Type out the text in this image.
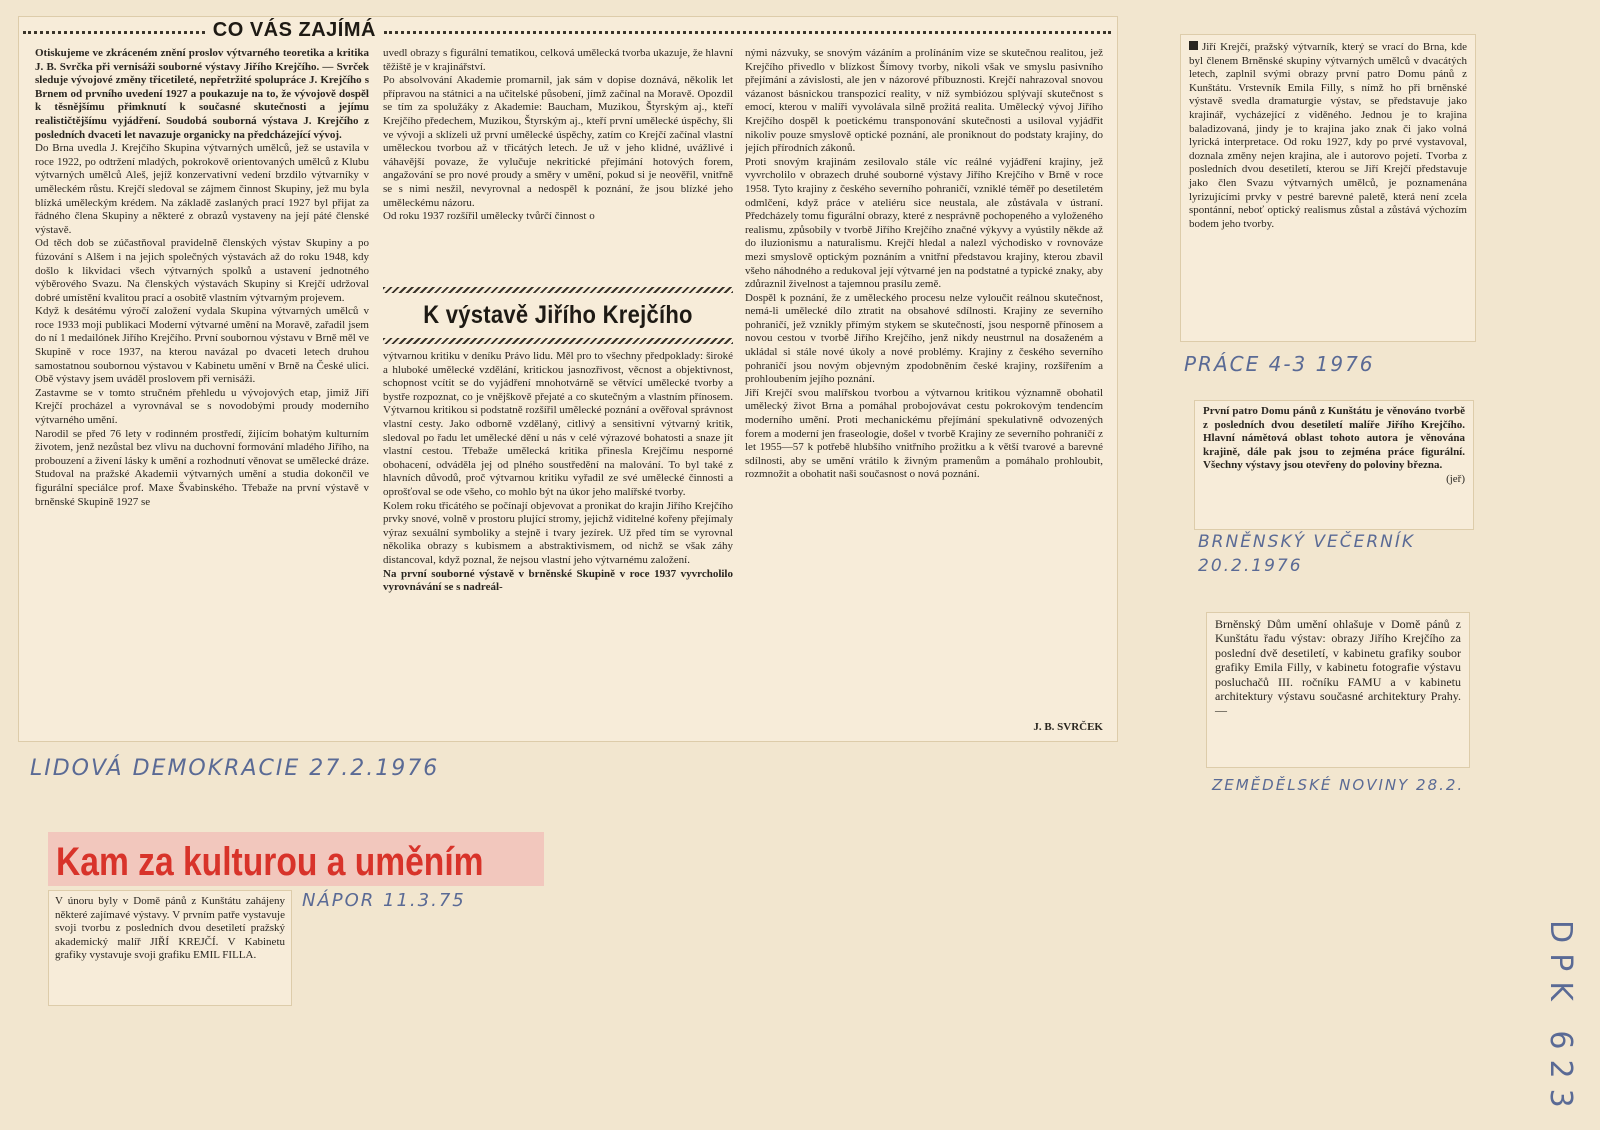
CO VÁS ZAJÍMÁ

Otiskujeme ve zkráceném znění proslov výtvarného teoretika a kritika J. B. Svrčka při vernisáži souborné výstavy Jiřího Krejčího. — Svrček sleduje vývojové změny třicetileté, nepřetržité spolupráce J. Krejčího s Brnem od prvního uvedení 1927 a poukazuje na to, že vývojově dospěl k těsnějšímu přimknutí k současné skutečnosti a jejímu realističtějšímu vyjádření. Soudobá souborná výstava J. Krejčího z posledních dvaceti let navazuje organicky na předcházející vývoj.

Do Brna uvedla J. Krejčího Skupina výtvarných umělců, jež se ustavila v roce 1922, po odtržení mladých, pokrokově orientovaných umělců z Klubu výtvarných umělců Aleš, jejíž konzervativní vedení brzdilo výtvarníky v uměleckém růstu. Krejčí sledoval se zájmem činnost Skupiny, jež mu byla blízká uměleckým krédem. Na základě zaslaných prací 1927 byl přijat za řádného člena Skupiny a některé z obrazů vystaveny na její páté členské výstavě.

Od těch dob se zúčastňoval pravidelně členských výstav Skupiny a po fúzování s Alšem i na jejich společných výstavách až do roku 1948, kdy došlo k likvidaci všech výtvarných spolků a ustavení jednotného výběrového Svazu. Na členských výstavách Skupiny si Krejčí udržoval dobré umístění kvalitou prací a osobitě vlastním výtvarným projevem.

Když k desátému výročí založení vydala Skupina výtvarných umělců v roce 1933 moji publikaci Moderní výtvarné umění na Moravě, zařadil jsem do ní 1 medailónek Jiřího Krejčího. První soubornou výstavu v Brně měl ve Skupině v roce 1937, na kterou navázal po dvaceti letech druhou samostatnou soubornou výstavou v Kabinetu umění v Brně na České ulici. Obě výstavy jsem uváděl proslovem při vernisáži.

Zastavme se v tomto stručném přehledu u vývojových etap, jimiž Jiří Krejčí procházel a vyrovnával se s novodobými proudy moderního výtvarného umění.

Narodil se před 76 lety v rodinném prostředí, žijícím bohatým kulturním životem, jenž nezůstal bez vlivu na duchovní formování mladého Jiřího, na probouzení a živení lásky k umění a rozhodnutí věnovat se umělecké dráze. Studoval na pražské Akademii výtvarných umění a studia dokončil ve figurální speciálce prof. Maxe Švabinského. Třebaže na první výstavě v brněnské Skupině 1927 se

uvedl obrazy s figurální tematikou, celková umělecká tvorba ukazuje, že hlavní těžiště je v krajinářství.

Po absolvování Akademie promarnil, jak sám v dopise doznává, několik let přípravou na státnici a na učitelské působení, jímž začínal na Moravě. Opozdil se tím za spolužáky z Akademie: Baucham, Muzikou, Štyrským aj., kteří Krejčího předechem, Muzikou, Štyrským aj., kteří první umělecké úspěchy, šli ve vývoji a sklízeli už první umělecké úspěchy, zatím co Krejčí začínal vlastní uměleckou tvorbou až v třicátých letech. Je už v jeho klidné, uvážlivé i váhavější povaze, že vylučuje nekritické přejímání hotových forem, angažování se pro nové proudy a směry v umění, pokud si je neověřil, vnitřně se s nimi nesžil, nevyrovnal a nedospěl k poznání, že jsou blízké jeho uměleckému názoru.

Od roku 1937 rozšířil umělecky tvůrčí činnost o

K výstavě Jiřího Krejčího

výtvarnou kritiku v deníku Právo lidu. Měl pro to všechny předpoklady: široké a hluboké umělecké vzdělání, kritickou jasnozřivost, věcnost a objektivnost, schopnost vcítit se do vyjádření mnohotvárně se větvící umělecké tvorby a bystře rozpoznat, co je vnějškově přejaté a co skutečným a vlastním přínosem. Výtvarnou kritikou si podstatně rozšířil umělecké poznání a ověřoval správnost vlastní cesty. Jako odborně vzdělaný, citlivý a sensitivní výtvarný kritik, sledoval po řadu let umělecké dění u nás v celé výrazové bohatosti a snaze jít vlastní cestou. Třebaže umělecká kritika přinesla Krejčímu nesporné obohacení, odváděla jej od plného soustředění na malování. To byl také z hlavních důvodů, proč výtvarnou kritiku vyřadil ze své umělecké činnosti a oprošťoval se ode všeho, co mohlo být na úkor jeho malířské tvorby.

Kolem roku třicátého se počínají objevovat a pronikat do krajin Jiřího Krejčího prvky snové, volně v prostoru plující stromy, jejichž viditelné kořeny přejímaly výraz sexuální symboliky a stejně i tvary jezírek. Už před tím se vyrovnal několika obrazy s kubismem a abstraktivismem, od nichž se však záhy distancoval, když poznal, že nejsou vlastní jeho výtvarnému založení.

Na první souborné výstavě v brněnské Skupině v roce 1937 vyvrcholilo vyrovnávání se s nadreál-

nými názvuky, se snovým vázáním a prolínáním vize se skutečnou realitou, jež Krejčího přivedlo v blízkost Šímovy tvorby, nikoli však ve smyslu pasivního přejímání a závislosti, ale jen v názorové příbuznosti. Krejčí nahrazoval snovou vázanost básnickou transpozicí reality, v níž symbiózou splývají skutečnost s emocí, kterou v malíři vyvolávala silně prožitá realita. Umělecký vývoj Jiřího Krejčího dospěl k poetickému transponování skutečnosti a usiloval vyjádřit nikoliv pouze smyslově optické poznání, ale proniknout do podstaty krajiny, do jejích přírodních zákonů.

Proti snovým krajinám zesilovalo stále víc reálné vyjádření krajiny, jež vyvrcholilo v obrazech druhé souborné výstavy Jiřího Krejčího v Brně v roce 1958. Tyto krajiny z českého severního pohraničí, vzniklé téměř po desetiletém odmlčení, když práce v ateliéru sice neustala, ale zůstávala v ústraní. Předcházely tomu figurální obrazy, které z nesprávně pochopeného a vyloženého realismu, způsobily v tvorbě Jiřího Krejčího značné výkyvy a vyústily někde až do iluzionismu a naturalismu. Krejčí hledal a nalezl východisko v rovnováze mezi smyslově optickým poznáním a vnitřní představou krajiny, kterou zbavil všeho náhodného a redukoval její výtvarné jen na podstatné a typické znaky, aby zdůraznil živelnost a tajemnou prasílu země.

Dospěl k poznání, že z uměleckého procesu nelze vyloučit reálnou skutečnost, nemá-li umělecké dílo ztratit na obsahové sdílnosti. Krajiny ze severního pohraničí, jež vznikly přímým stykem se skutečností, jsou nesporně přínosem a novou cestou v tvorbě Jiřího Krejčího, jenž nikdy neustrnul na dosaženém a ukládal si stále nové úkoly a nové problémy. Krajiny z českého severního pohraničí jsou novým objevným zpodobněním české krajiny, rozšířením a prohloubením jejího poznání.

Jiří Krejčí svou malířskou tvorbou a výtvarnou kritikou významně obohatil umělecký život Brna a pomáhal probojovávat cestu pokrokovým tendencím moderního umění. Proti mechanickému přejímání spekulativně odvozených forem a moderní jen fraseologie, došel v tvorbě Krajiny ze severního pohraničí z let 1955—57 k potřebě hlubšího vnitřního prožitku a k větší tvarové a barevné sdílnosti, aby se umění vrátilo k živným pramenům a pomáhalo prohloubit, rozmnožit a obohatit naši současnost o nová poznání.

J. B. SVRČEK
LIDOVÁ DEMOKRACIE 27.2.1976

Jiří Krejčí, pražský výtvarník, který se vrací do Brna, kde byl členem Brněnské skupiny výtvarných umělců v dvacátých letech, zaplnil svými obrazy první patro Domu pánů z Kunštátu. Vrstevník Emila Filly, s nímž ho při brněnské výstavě svedla dramaturgie výstav, se představuje jako krajinář, vycházející z viděného. Jednou je to krajina baladizovaná, jindy je to krajina jako znak či jako volná lyrická interpretace. Od roku 1927, kdy po prvé vystavoval, doznala změny nejen krajina, ale i autorovo pojetí. Tvorba z posledních dvou desetiletí, kterou se Jiří Krejčí představuje jako člen Svazu výtvarných umělců, je poznamenána lyrizujícími prvky v pestré barevné paletě, která není zcela spontánní, neboť optický realismus zůstal a zůstává výchozím bodem jeho tvorby.

PRÁCE 4-3 1976

První patro Domu pánů z Kunštátu je věnováno tvorbě z posledních dvou desetiletí malíře Jiřího Krejčího. Hlavní námětová oblast tohoto autora je věnována krajině, dále pak jsou to zejména práce figurální. Všechny výstavy jsou otevřeny do poloviny března.

(jeř)
BRNĚNSKÝ VEČERNÍK 20.2.1976

Brněnský Dům umění ohlašuje v Domě pánů z Kunštátu řadu výstav: obrazy Jiřího Krejčího za poslední dvě desetiletí, v kabinetu grafiky soubor grafiky Emila Filly, v kabinetu fotografie výstavu posluchačů III. ročníku FAMU a v kabinetu architektury výstavu současné architektury Prahy. —

ZEMĚDĚLSKÉ NOVINY 28.2.
Kam za kulturou a uměním

V únoru byly v Domě pánů z Kunštátu zahájeny některé zajímavé výstavy. V prvním patře vystavuje svoji tvorbu z posledních dvou desetiletí pražský akademický malíř JIŘÍ KREJČÍ. V Kabinetu grafiky vystavuje svoji grafiku EMIL FILLA.

NÁPOR 11.3.75
DPK 623
